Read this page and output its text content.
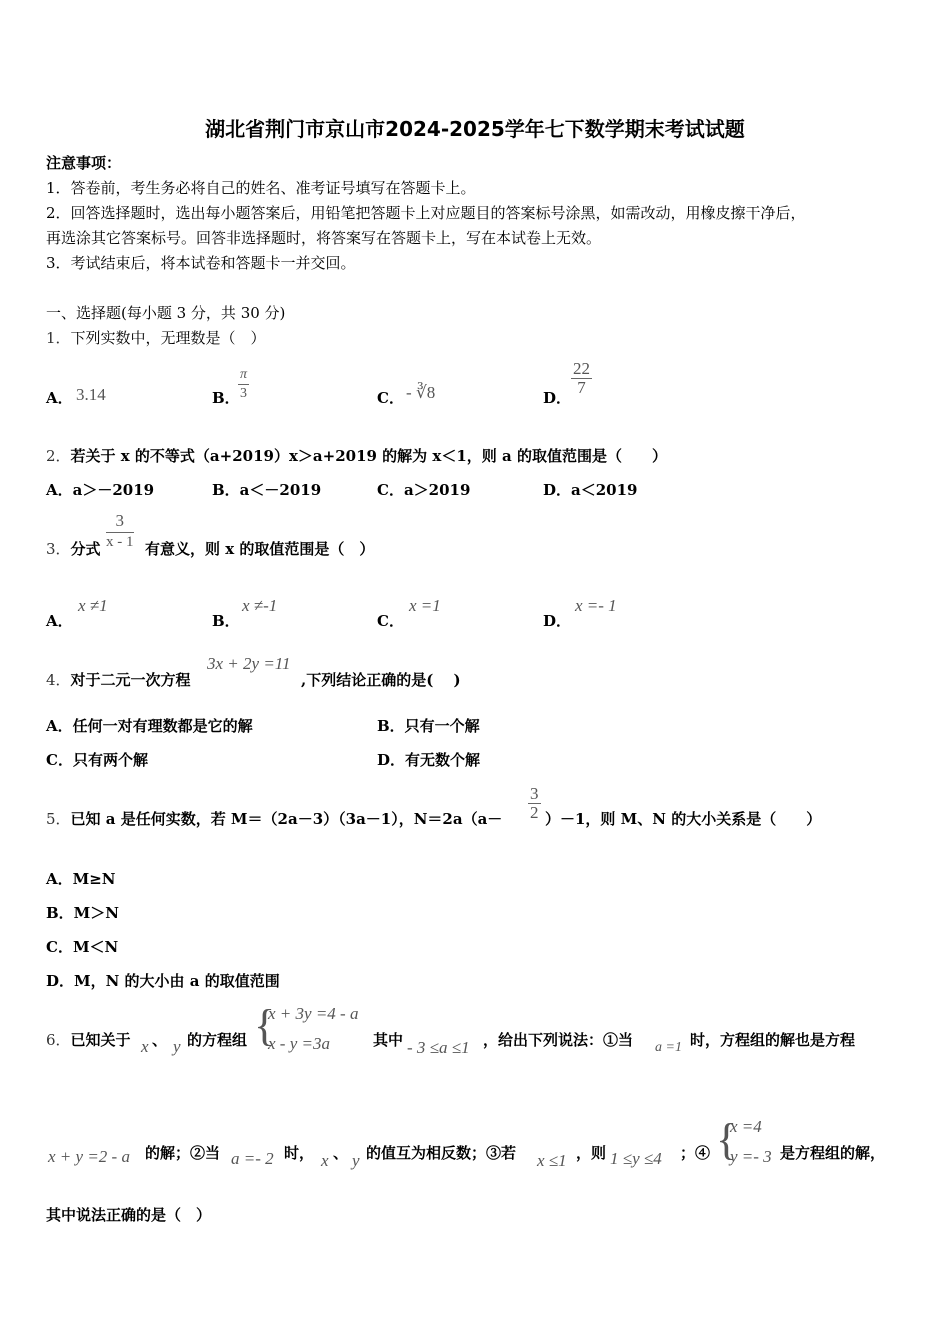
湖北省荆门市京山市2024-2025学年七下数学期末考试试题
注意事项：
1．答卷前，考生务必将自己的姓名、准考证号填写在答题卡上。
2．回答选择题时，选出每小题答案后，用铅笔把答题卡上对应题目的答案标号涂黑，如需改动，用橡皮擦干净后，
再选涂其它答案标号。回答非选择题时，将答案写在答题卡上，写在本试卷上无效。
3．考试结束后，将本试卷和答题卡一并交回。
一、选择题(每小题 3 分，共 30 分)
1．下列实数中，无理数是（　）
A． 3.14	B．
$\frac{\pi}{3}$	C． - ∛8	D．
$\frac{22}{7}$
2．若关于 x 的不等式（a+2019）x＞a+2019 的解为 x＜1，则 a 的取值范围是（　　）
A．a＞－2019	B．a＜－2019	C．a＞2019	D．a＜2019
3．分式 $\frac{3}{x - 1}$ 有意义，则 x 的取值范围是（　）
A．
x ≠1
B．
x ≠-1
C．
x =1
D．
x =- 1
4．对于二元一次方程
3x + 2y =11
,下列结论正确的是(　 )
A．任何一对有理数都是它的解	B．只有一个解
C．只有两个解	D．有无数个解
5．已知 a 是任何实数，若 M＝（2a－3）（3a－1），$N=2a(a- \frac{3}{2} )-1$，则 M、N 的大小关系是（　　）
A．M≥N
B．M＞N
C．M＜N
D．M，N 的大小由 a 的取值范围
6．已知关于 x 、 y 的方程组 {
x + 3y =4 - a
x - y =3a	其中 - 3 ≤a ≤1 ，给出下列说法：①当 a =1 时，方程组的解也是方程
x + y =2 - a 的解；②当 a =- 2 时， x 、 y 的值互为相反数；③若 x ≤1 ，则 1 ≤y ≤4 ；④ {
x =4
y =- 3 是方程组的解，
其中说法正确的是（　）
